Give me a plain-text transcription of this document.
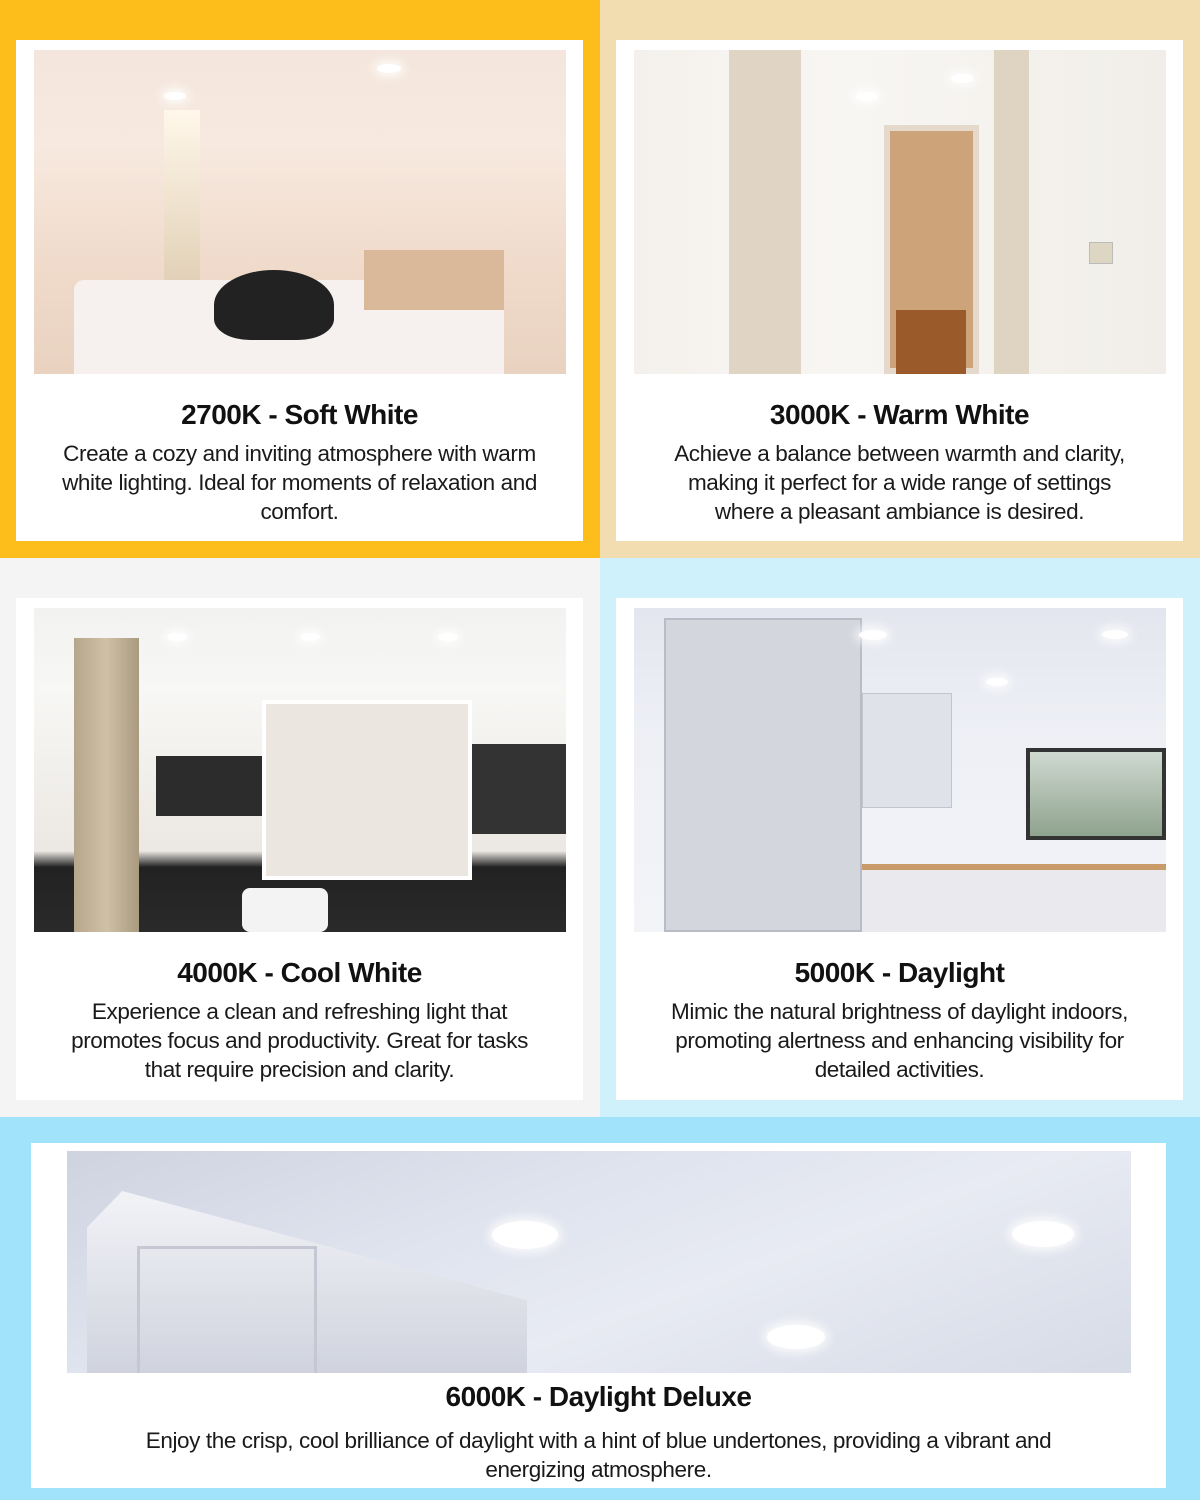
2700K - Soft White
Create a cozy and inviting atmosphere with warm white lighting. Ideal for moments of relaxation and comfort.
3000K - Warm White
Achieve a balance between warmth and clarity, making it perfect for a wide range of settings where a pleasant ambiance is desired.
4000K - Cool White
Experience a clean and refreshing light that promotes focus and productivity. Great for tasks that require precision and clarity.
5000K - Daylight
Mimic the natural brightness of daylight indoors, promoting alertness and enhancing visibility for detailed activities.
6000K - Daylight Deluxe
Enjoy the crisp, cool brilliance of daylight with a hint of blue undertones, providing a vibrant and energizing atmosphere.
